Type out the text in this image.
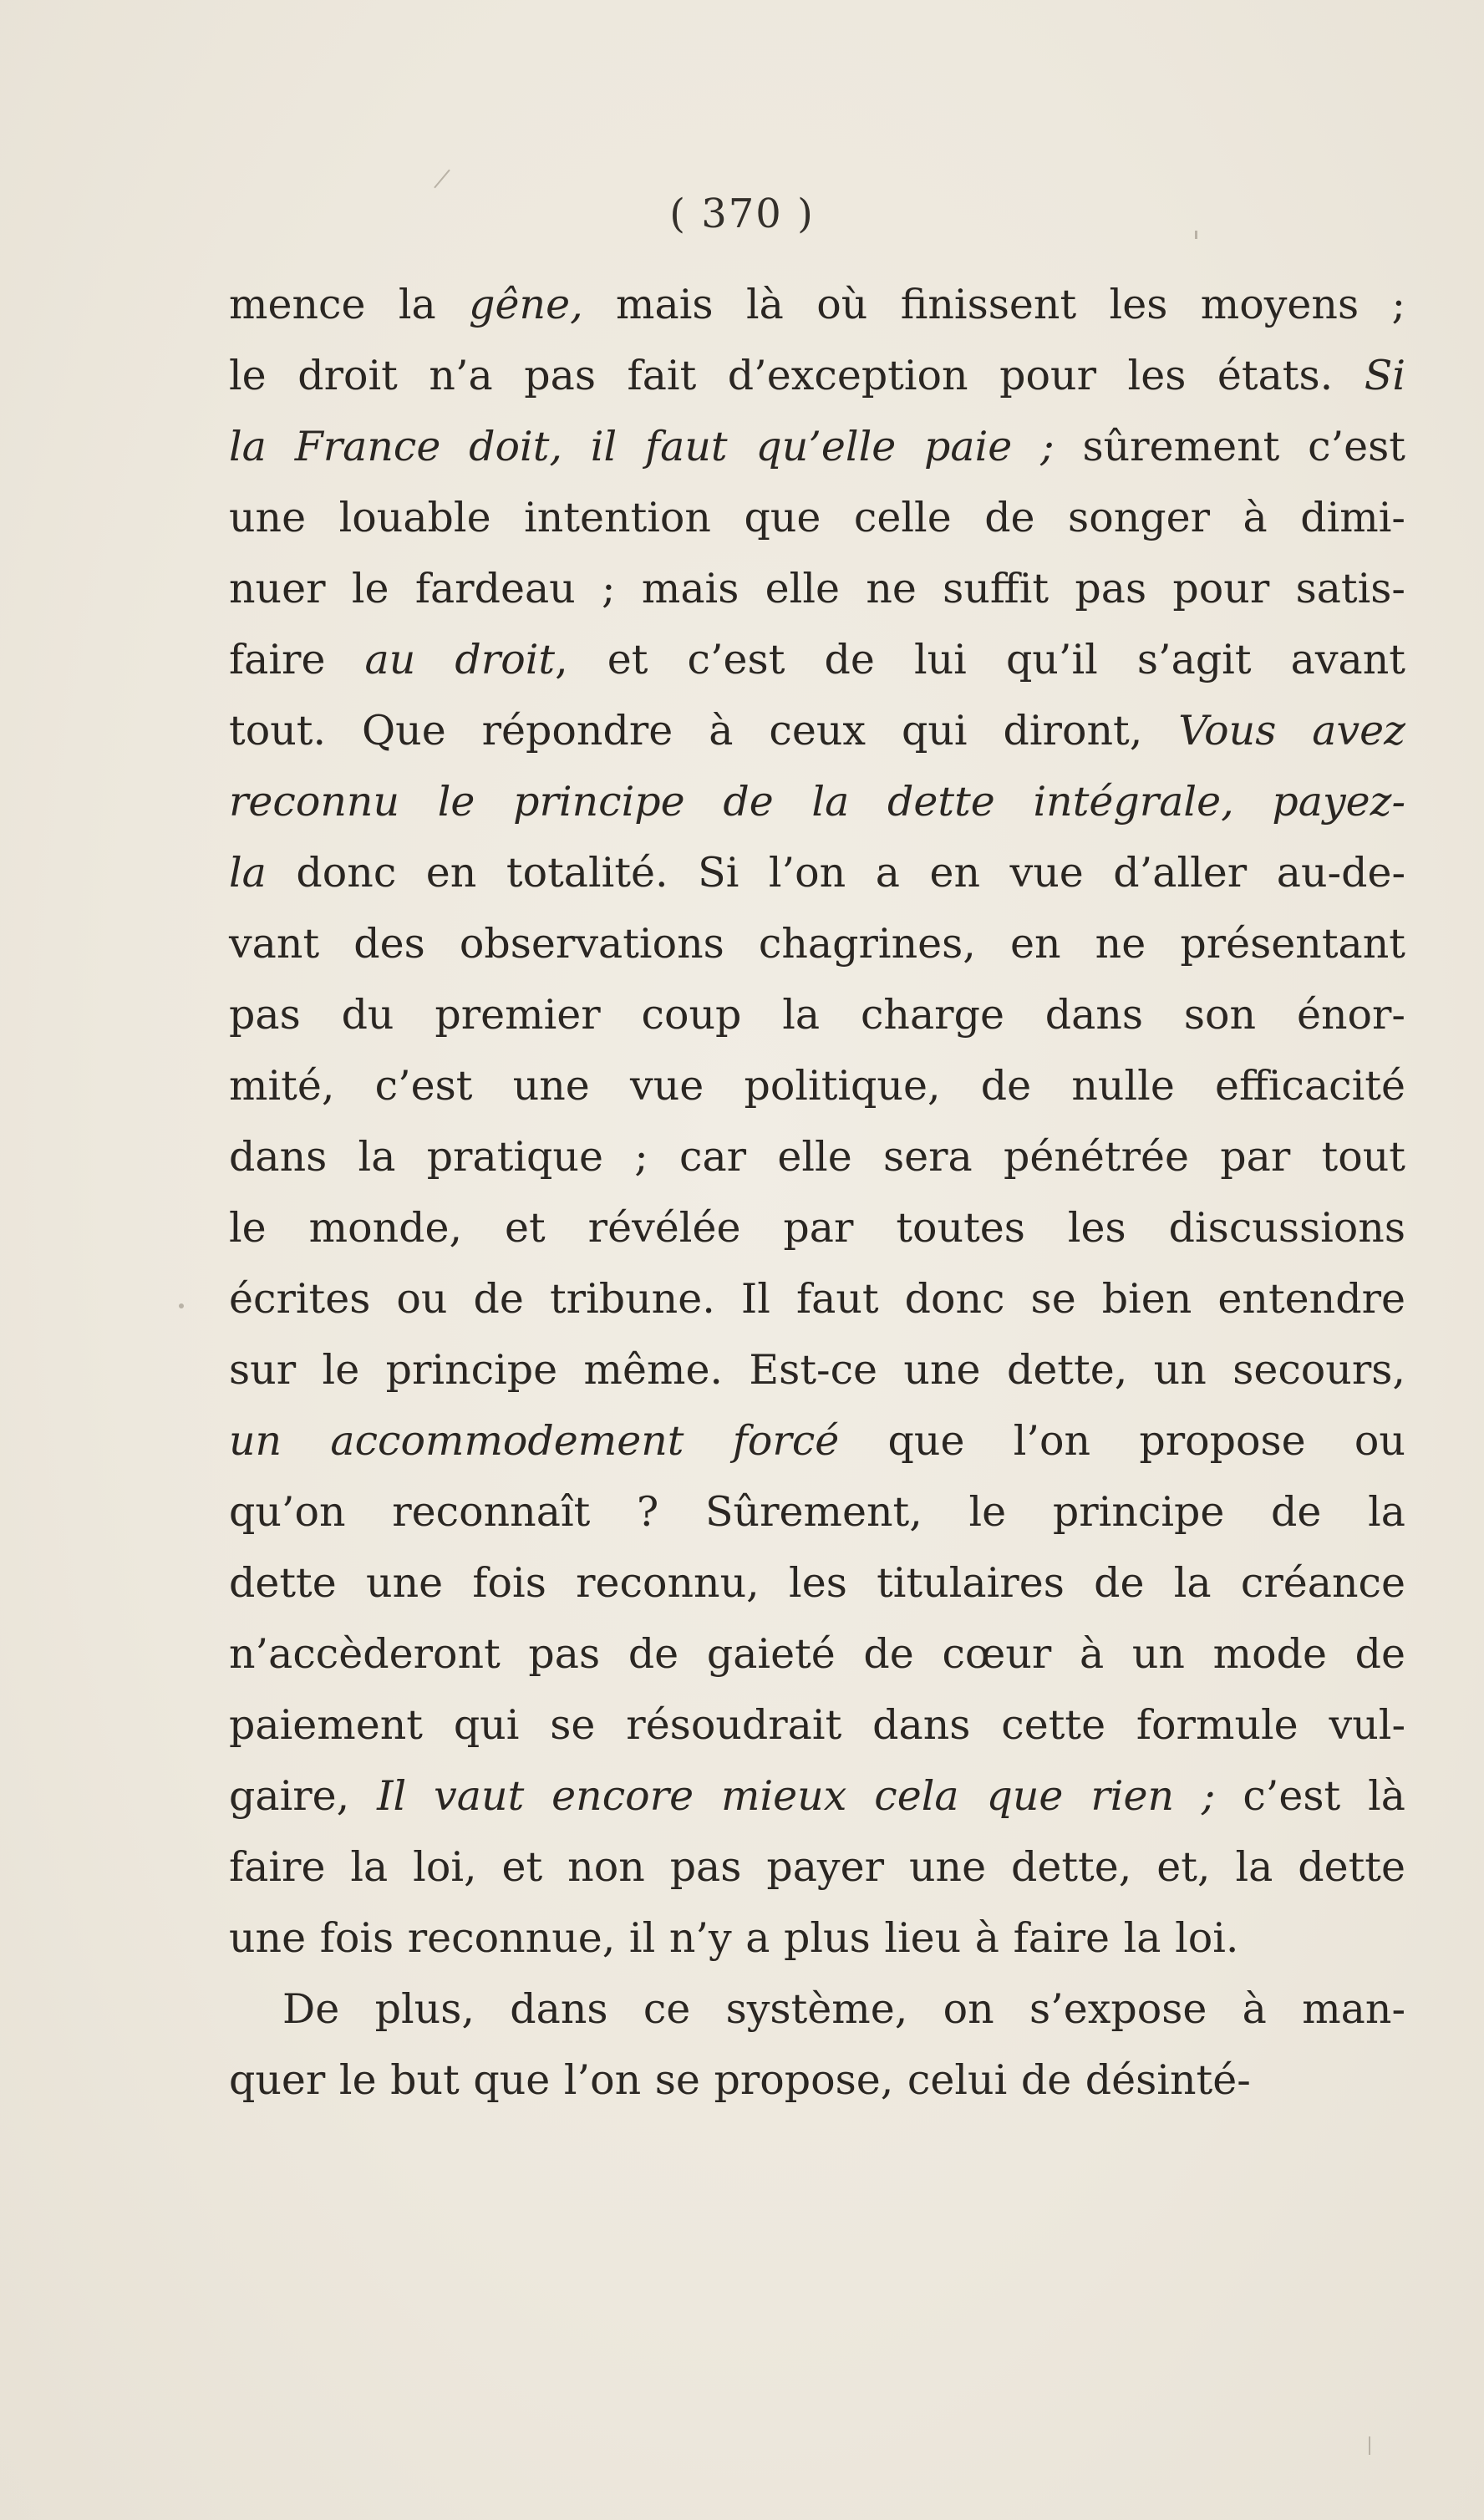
( 370 )
mence la gêne, mais là où finissent les moyens ;
le droit n’a pas fait d’exception pour les états. Si
la France doit, il faut qu’elle paie ; sûrement c’est
une louable intention que celle de songer à dimi-
nuer le fardeau ; mais elle ne suffit pas pour satis-
faire au droit, et c’est de lui qu’il s’agit avant
tout. Que répondre à ceux qui diront, Vous avez
reconnu le principe de la dette intégrale, payez-
la donc en totalité. Si l’on a en vue d’aller au-de-
vant des observations chagrines, en ne présentant
pas du premier coup la charge dans son énor-
mité, c’est une vue politique, de nulle efficacité
dans la pratique ; car elle sera pénétrée par tout
le monde, et révélée par toutes les discussions
écrites ou de tribune. Il faut donc se bien entendre
sur le principe même. Est-ce une dette, un secours,
un accommodement forcé que l’on propose ou
qu’on reconnaît ? Sûrement, le principe de la
dette une fois reconnu, les titulaires de la créance
n’accèderont pas de gaieté de cœur à un mode de
paiement qui se résoudrait dans cette formule vul-
gaire, Il vaut encore mieux cela que rien ; c’est là
faire la loi, et non pas payer une dette, et, la dette
une fois reconnue, il n’y a plus lieu à faire la loi.
De plus, dans ce système, on s’expose à man-
quer le but que l’on se propose, celui de désinté-
